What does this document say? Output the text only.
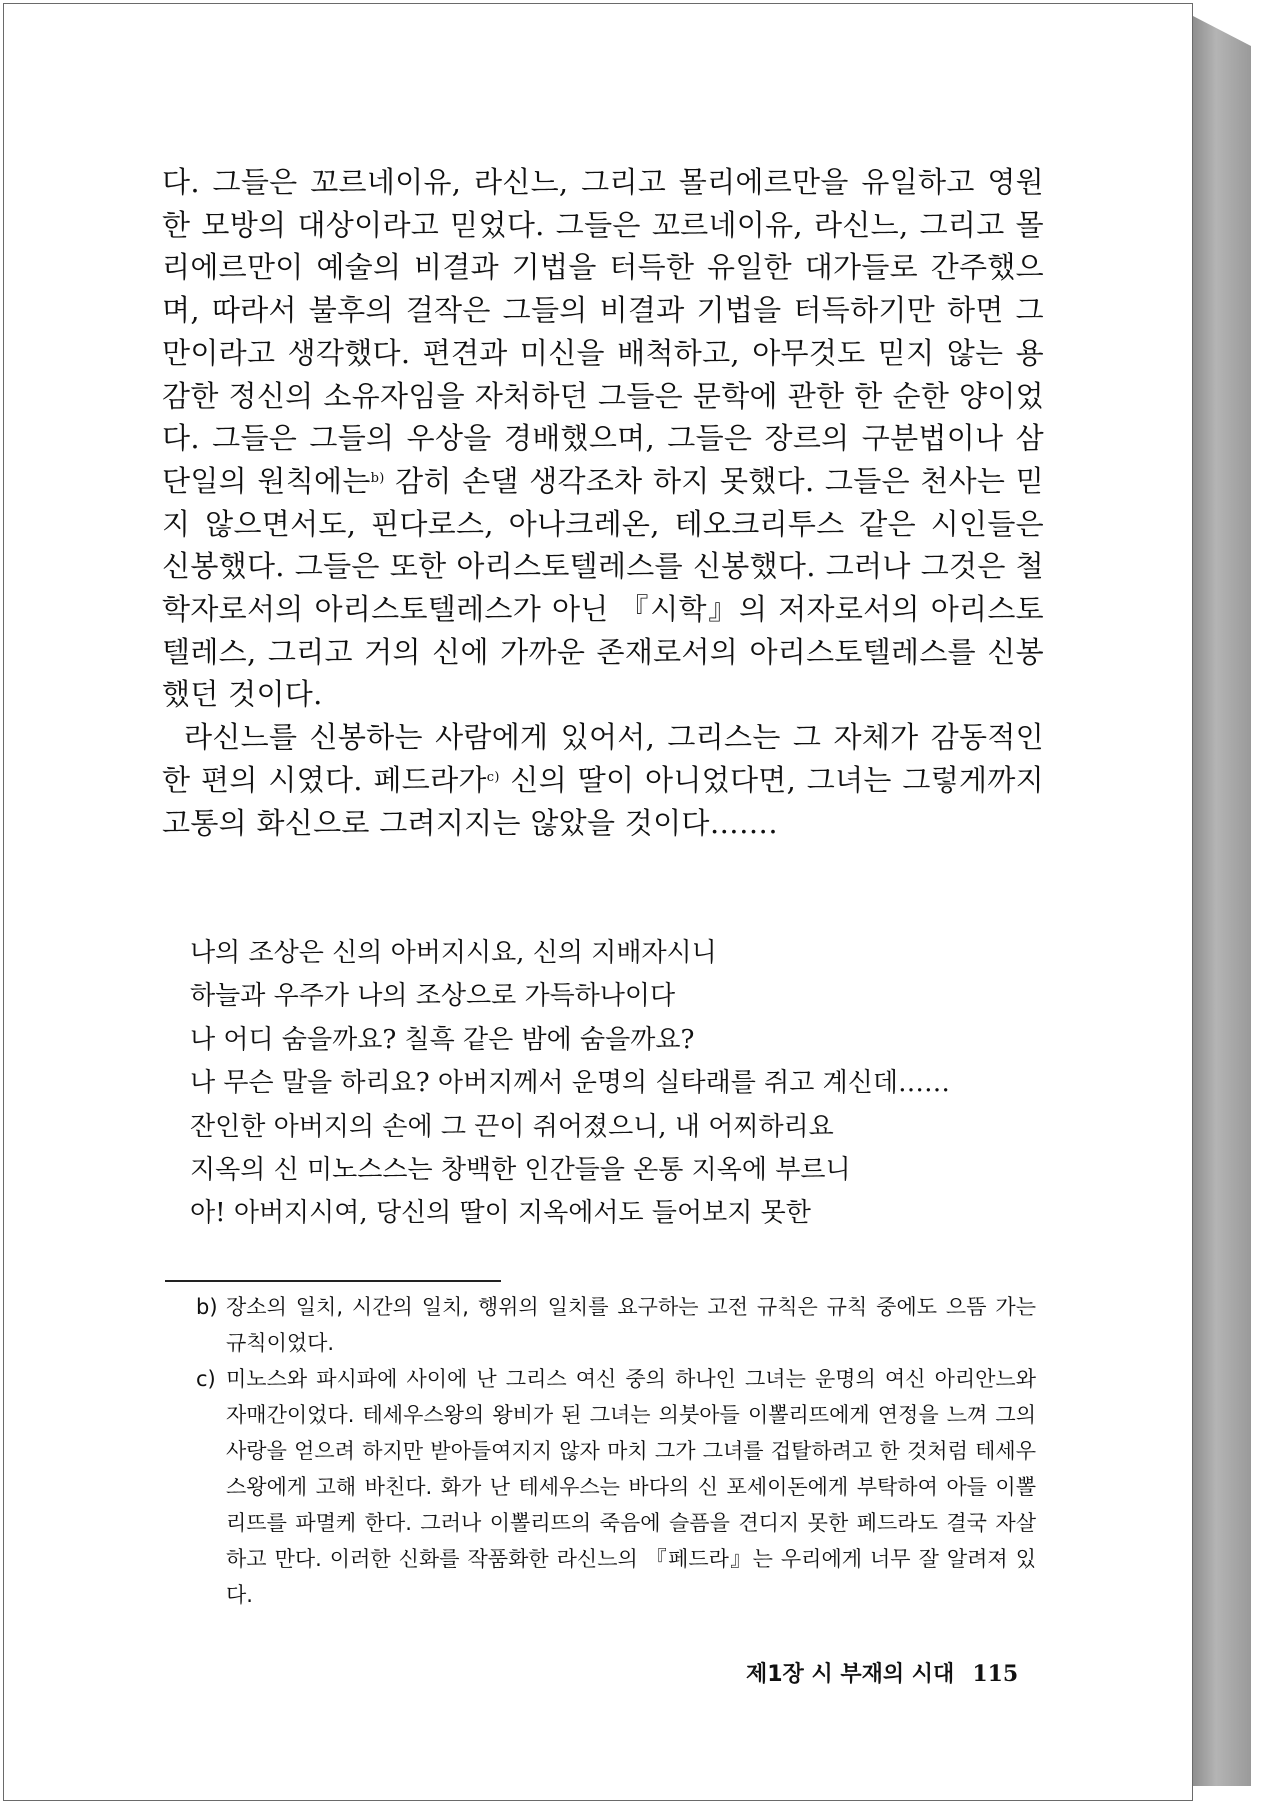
다. 그들은 꼬르네이유, 라신느, 그리고 몰리에르만을 유일하고 영원한 모방의 대상이라고 믿었다. 그들은 꼬르네이유, 라신느, 그리고 몰리에르만이 예술의 비결과 기법을 터득한 유일한 대가들로 간주했으며, 따라서 불후의 걸작은 그들의 비결과 기법을 터득하기만 하면 그만이라고 생각했다. 편견과 미신을 배척하고, 아무것도 믿지 않는 용감한 정신의 소유자임을 자처하던 그들은 문학에 관한 한 순한 양이었다. 그들은 그들의 우상을 경배했으며, 그들은 장르의 구분법이나 삼단일의 원칙에는$^{b)}$ 감히 손댈 생각조차 하지 못했다. 그들은 천사는 믿지 않으면서도, 핀다로스, 아나크레온, 테오크리투스 같은 시인들은 신봉했다. 그들은 또한 아리스토텔레스를 신봉했다. 그러나 그것은 철학자로서의 아리스토텔레스가 아닌 『시학』의 저자로서의 아리스토텔레스, 그리고 거의 신에 가까운 존재로서의 아리스토텔레스를 신봉했던 것이다.

라신느를 신봉하는 사람에게 있어서, 그리스는 그 자체가 감동적인 한 편의 시였다. 페드라가$^{c)}$ 신의 딸이 아니었다면, 그녀는 그렇게까지 고통의 화신으로 그려지지는 않았을 것이다…….

나의 조상은 신의 아버지시요, 신의 지배자시니
하늘과 우주가 나의 조상으로 가득하나이다
나 어디 숨을까요? 칠흑 같은 밤에 숨을까요?
나 무슨 말을 하리요? 아버지께서 운명의 실타래를 쥐고 계신데……
잔인한 아버지의 손에 그 끈이 쥐어졌으니, 내 어찌하리요
지옥의 신 미노스스는 창백한 인간들을 온통 지옥에 부르니
아! 아버지시여, 당신의 딸이 지옥에서도 들어보지 못한
b) 장소의 일치, 시간의 일치, 행위의 일치를 요구하는 고전 규칙은 규칙 중에도 으뜸 가는 규칙이었다.
c) 미노스와 파시파에 사이에 난 그리스 여신 중의 하나인 그녀는 운명의 여신 아리안느와 자매간이었다. 테세우스왕의 왕비가 된 그녀는 의붓아들 이뽈리뜨에게 연정을 느껴 그의 사랑을 얻으려 하지만 받아들여지지 않자 마치 그가 그녀를 겁탈하려고 한 것처럼 테세우스왕에게 고해 바친다. 화가 난 테세우스는 바다의 신 포세이돈에게 부탁하여 아들 이뽈리뜨를 파멸케 한다. 그러나 이뽈리뜨의 죽음에 슬픔을 견디지 못한 페드라도 결국 자살하고 만다. 이러한 신화를 작품화한 라신느의 『페드라』는 우리에게 너무 잘 알려져 있다.
제1장 시 부재의 시대 115
